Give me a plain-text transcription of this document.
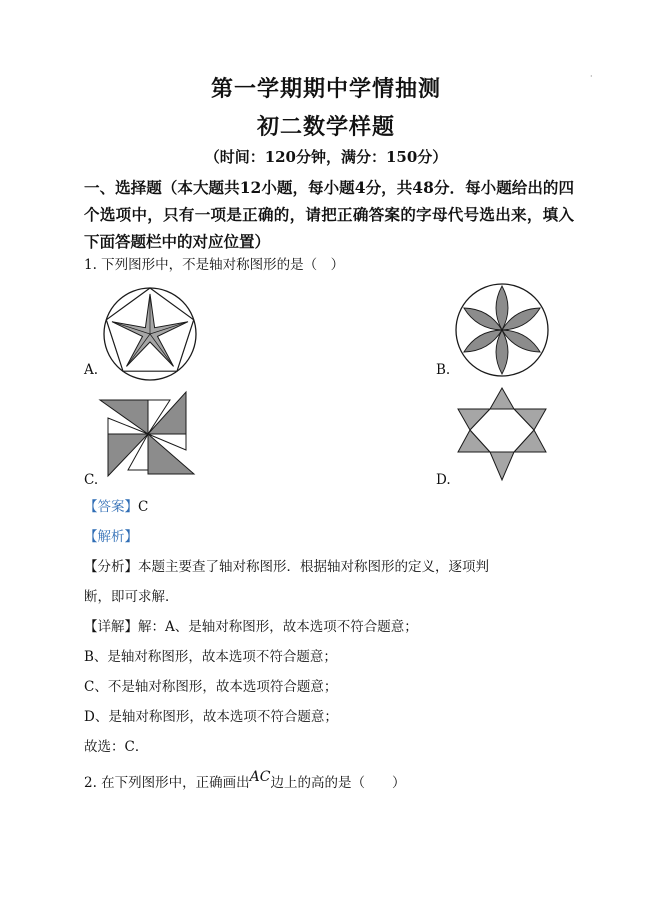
·
第一学期期中学情抽测
初二数学样题
（时间：120分钟，满分：150分）
一、选择题（本大题共12小题，每小题4分，共48分．每小题给出的四个选项中，只有一项是正确的，请把正确答案的字母代号选出来，填入下面答题栏中的对应位置）
1. 下列图形中，不是轴对称图形的是（　）
A.	B.
C.	D.
【答案】C
【解析】
【分析】本题主要查了轴对称图形．根据轴对称图形的定义，逐项判
断，即可求解．
【详解】解：A、是轴对称图形，故本选项不符合题意；
B、是轴对称图形，故本选项不符合题意；
C、不是轴对称图形，故本选项符合题意；
D、是轴对称图形，故本选项不符合题意；
故选：C．
2. 在下列图形中，正确画出AC边上的高的是（　　）
